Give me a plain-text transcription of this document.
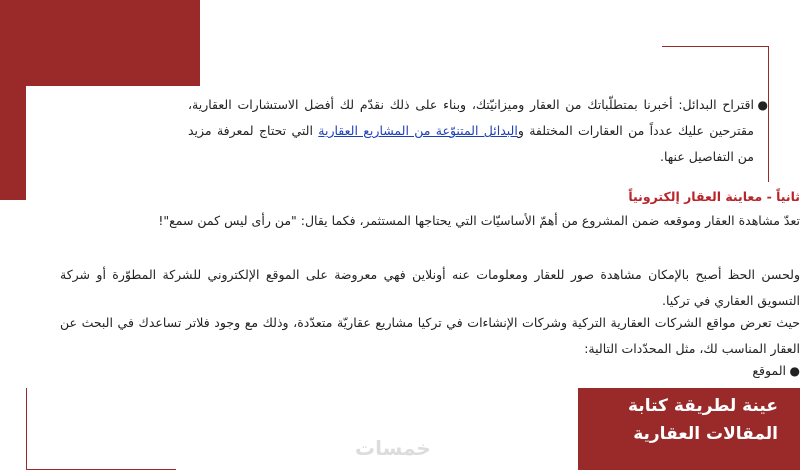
●
اقتراح البدائل: أخبرنا بمتطلّباتك من العقار وميزانيّتك، وبناء على ذلك نقدّم لك أفضل الاستشارات العقارية، مقترحين عليك عدداً من العقارات المختلفة والبدائل المتنوّعة من المشاريع العقارية التي تحتاج لمعرفة مزيد من التفاصيل عنها.
ثانياً - معاينة العقار إلكترونياً
تعدّ مشاهدة العقار وموقعه ضمن المشروع من أهمّ الأساسيّات التي يحتاجها المستثمر، فكما يقال: "من رأى ليس كمن سمع"!
ولحسن الحظ أصبح بالإمكان مشاهدة صور للعقار ومعلومات عنه أونلاين فهي معروضة على الموقع الإلكتروني للشركة المطوّرة أو شركة التسويق العقاري في تركيا.
حيث تعرض مواقع الشركات العقارية التركية وشركات الإنشاءات في تركيا مشاريع عقاريّة متعدّدة، وذلك مع وجود فلاتر تساعدك في البحث عن العقار المناسب لك، مثل المحدّدات التالية:
●
الموقع
عينة لطريقة كتابة
المقالات العقارية
خمسات
